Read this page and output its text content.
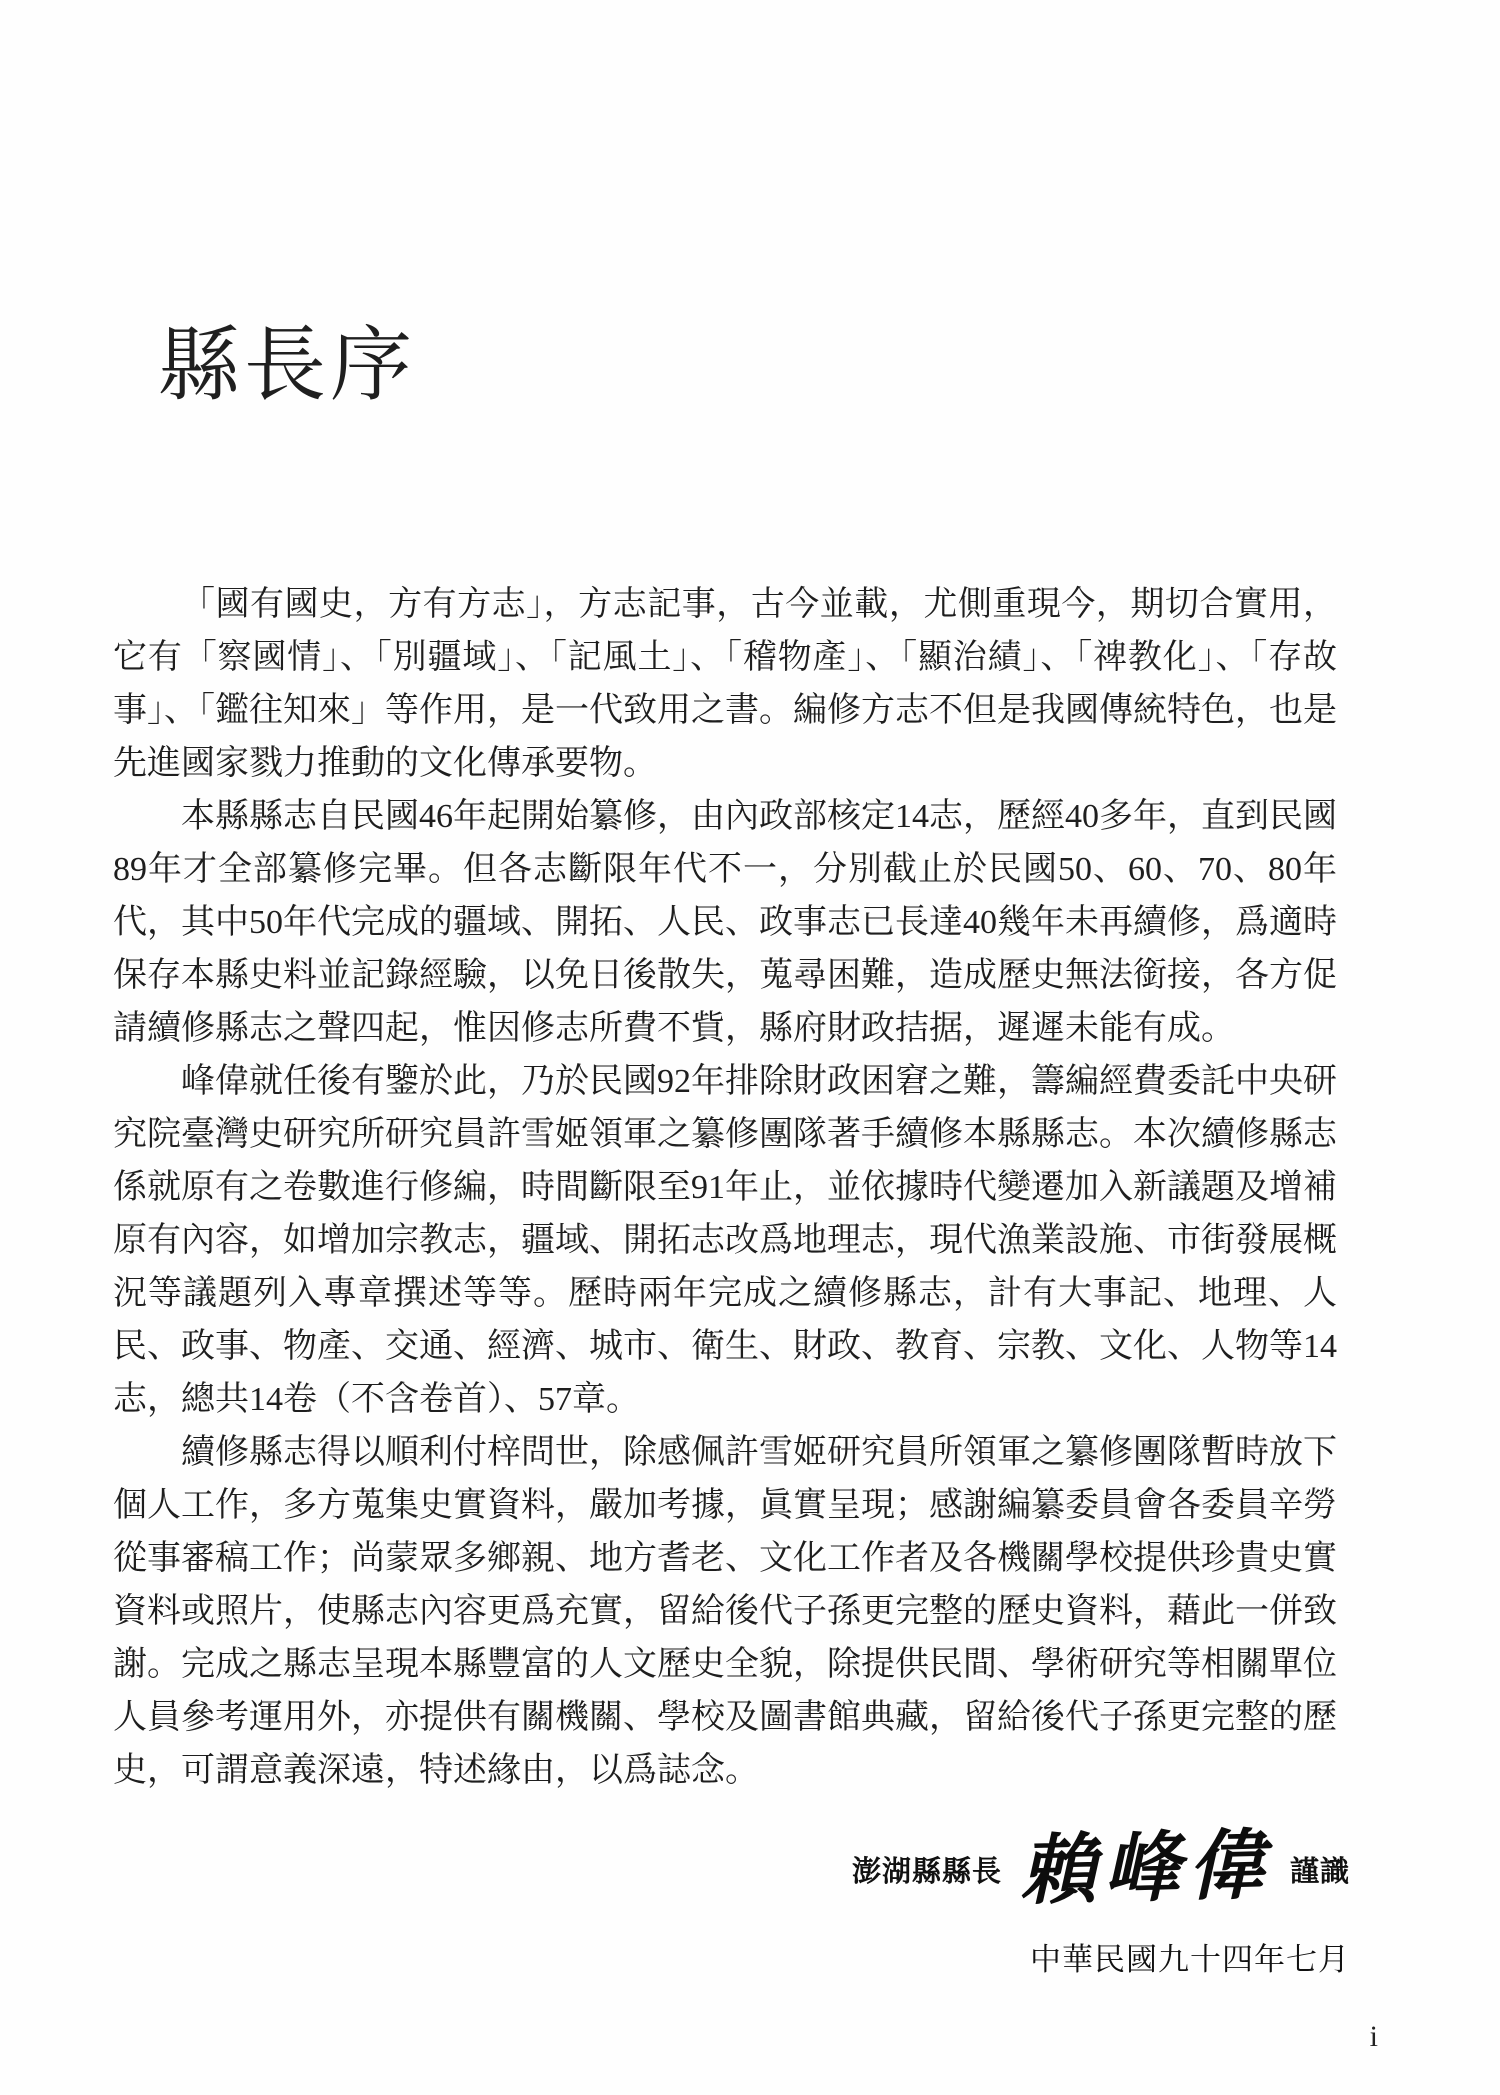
縣長序

「國有國史，方有方志」，方志記事，古今並載，尤側重現今，期切合實用，它有「察國情」、「別疆域」、「記風土」、「稽物產」、「顯治績」、「禆教化」、「存故事」、「鑑往知來」等作用，是一代致用之書。編修方志不但是我國傳統特色，也是先進國家戮力推動的文化傳承要物。

本縣縣志自民國46年起開始纂修，由內政部核定14志，歷經40多年，直到民國89年才全部纂修完畢。但各志斷限年代不一，分別截止於民國50、60、70、80年代，其中50年代完成的疆域、開拓、人民、政事志已長達40幾年未再續修，爲適時保存本縣史料並記錄經驗，以免日後散失，蒐尋困難，造成歷史無法銜接，各方促請續修縣志之聲四起，惟因修志所費不貲，縣府財政拮据，遲遲未能有成。

峰偉就任後有鑒於此，乃於民國92年排除財政困窘之難，籌編經費委託中央研究院臺灣史研究所研究員許雪姬領軍之纂修團隊著手續修本縣縣志。本次續修縣志係就原有之卷數進行修編，時間斷限至91年止，並依據時代變遷加入新議題及增補原有內容，如增加宗教志，疆域、開拓志改爲地理志，現代漁業設施、市街發展概況等議題列入專章撰述等等。歷時兩年完成之續修縣志，計有大事記、地理、人民、政事、物產、交通、經濟、城市、衛生、財政、教育、宗教、文化、人物等14志，總共14卷（不含卷首）、57章。

續修縣志得以順利付梓問世，除感佩許雪姬研究員所領軍之纂修團隊暫時放下個人工作，多方蒐集史實資料，嚴加考據，眞實呈現；感謝編纂委員會各委員辛勞從事審稿工作；尚蒙眾多鄉親、地方耆老、文化工作者及各機關學校提供珍貴史實資料或照片，使縣志內容更爲充實，留給後代子孫更完整的歷史資料，藉此一併致謝。完成之縣志呈現本縣豐富的人文歷史全貌，除提供民間、學術研究等相關單位人員參考運用外，亦提供有關機關、學校及圖書館典藏，留給後代子孫更完整的歷史，可謂意義深遠，特述緣由，以爲誌念。

澎湖縣縣長 賴峰偉 謹識
中華民國九十四年七月
i
